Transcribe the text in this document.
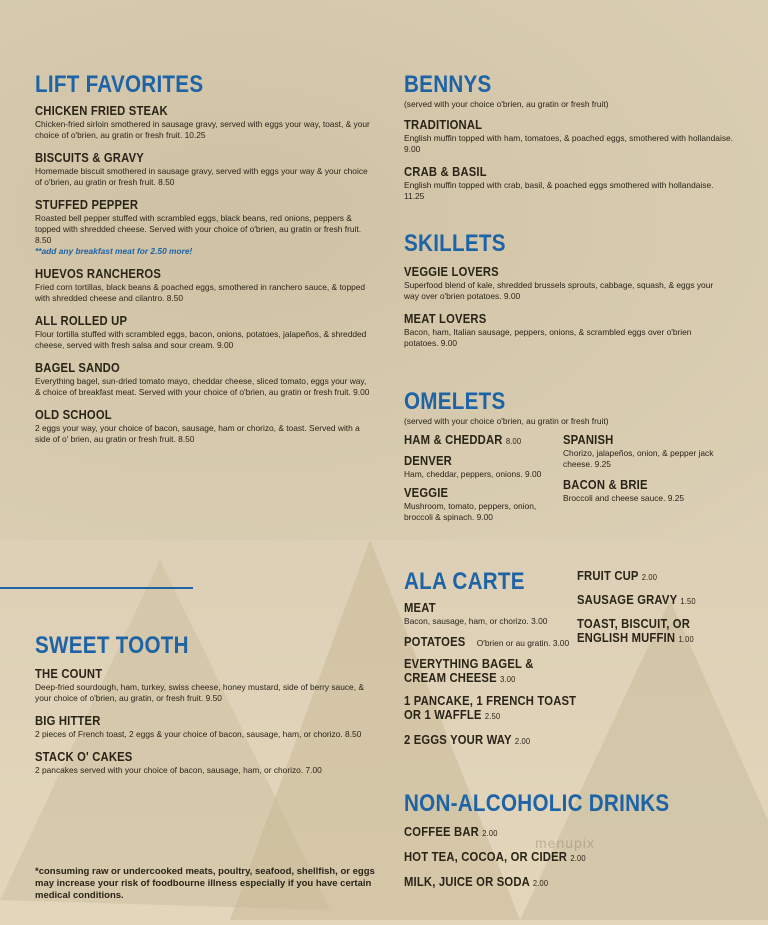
LIFT FAVORITES
CHICKEN FRIED STEAK
Chicken-fried sirloin smothered in sausage gravy, served with eggs your way, toast, & your choice of o'brien, au gratin or fresh fruit. 10.25
BISCUITS & GRAVY
Homemade biscuit smothered in sausage gravy, served with eggs your way & your choice of o'brien, au gratin or fresh fruit. 8.50
STUFFED PEPPER
Roasted bell pepper stuffed with scrambled eggs, black beans, red onions, peppers & topped with shredded cheese. Served with your choice of o'brien, au gratin or fresh fruit. 8.50
**add any breakfast meat for 2.50 more!
HUEVOS RANCHEROS
Fried corn tortillas, black beans & poached eggs, smothered in ranchero sauce, & topped with shredded cheese and cilantro. 8.50
ALL ROLLED UP
Flour tortilla stuffed with scrambled eggs, bacon, onions, potatoes, jalapeños, & shredded cheese, served with fresh salsa and sour cream. 9.00
BAGEL SANDO
Everything bagel, sun-dried tomato mayo, cheddar cheese, sliced tomato, eggs your way, & choice of breakfast meat. Served with your choice of o'brien, au gratin or fresh fruit. 9.00
OLD SCHOOL
2 eggs your way, your choice of bacon, sausage, ham or chorizo, & toast. Served with a side of o' brien, au gratin or fresh fruit. 8.50
SWEET TOOTH
THE COUNT
Deep-fried sourdough, ham, turkey, swiss cheese, honey mustard, side of berry sauce, & your choice of o'brien, au gratin, or fresh fruit. 9.50
BIG HITTER
2 pieces of French toast, 2 eggs & your choice of bacon, sausage, ham, or chorizo. 8.50
STACK O' CAKES
2 pancakes served with your choice of bacon, sausage, ham, or chorizo. 7.00
*consuming raw or undercooked meats, poultry, seafood, shellfish, or eggs may increase your risk of foodbourne illness especially if you have certain medical conditions.
BENNYS
(served with your choice o'brien, au gratin or fresh fruit)
TRADITIONAL
English muffin topped with ham, tomatoes, & poached eggs, smothered with hollandaise. 9.00
CRAB & BASIL
English muffin topped with crab, basil, & poached eggs smothered with hollandaise. 11.25
SKILLETS
VEGGIE LOVERS
Superfood blend of kale, shredded brussels sprouts, cabbage, squash, & eggs your way over o'brien potatoes. 9.00
MEAT LOVERS
Bacon, ham, Italian sausage, peppers, onions, & scrambled eggs over o'brien potatoes. 9.00
OMELETS
(served with your choice o'brien, au gratin or fresh fruit)
HAM & CHEDDAR 8.00
DENVER
Ham, cheddar, peppers, onions. 9.00
VEGGIE
Mushroom, tomato, peppers, onion, broccoli & spinach. 9.00
SPANISH
Chorizo, jalapeños, onion, & pepper jack cheese. 9.25
BACON & BRIE
Broccoli and cheese sauce. 9.25
ALA CARTE
MEAT
Bacon, sausage, ham, or chorizo. 3.00
POTATOES O'brien or au gratin. 3.00
EVERYTHING BAGEL &
CREAM CHEESE 3.00
1 PANCAKE, 1 FRENCH TOAST
OR 1 WAFFLE 2.50
2 EGGS YOUR WAY 2.00
FRUIT CUP 2.00
SAUSAGE GRAVY 1.50
TOAST, BISCUIT, OR
ENGLISH MUFFIN 1.00
NON-ALCOHOLIC DRINKS
COFFEE BAR 2.00
HOT TEA, COCOA, OR CIDER 2.00
MILK, JUICE OR SODA 2.00
menupix
